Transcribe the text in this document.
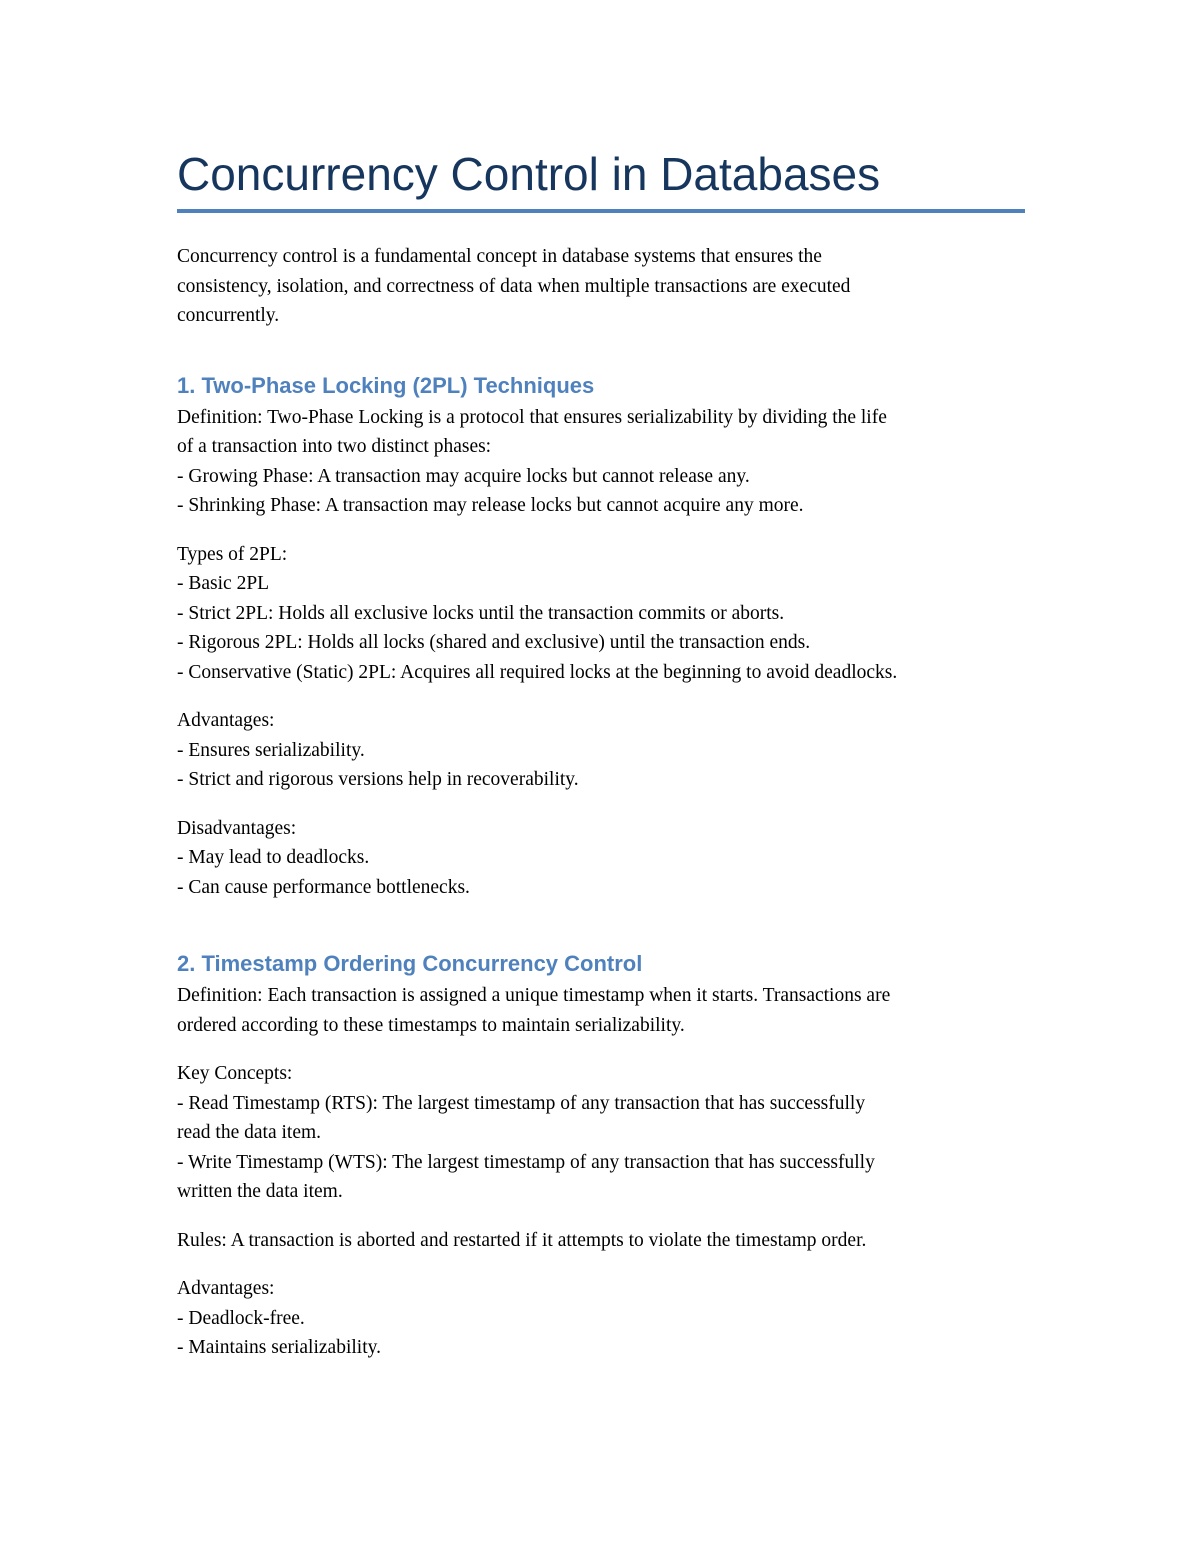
Concurrency Control in Databases

Concurrency control is a fundamental concept in database systems that ensures the
consistency, isolation, and correctness of data when multiple transactions are executed
concurrently.

1. Two-Phase Locking (2PL) Techniques

Definition: Two-Phase Locking is a protocol that ensures serializability by dividing the life
of a transaction into two distinct phases:
- Growing Phase: A transaction may acquire locks but cannot release any.
- Shrinking Phase: A transaction may release locks but cannot acquire any more.

Types of 2PL:
- Basic 2PL
- Strict 2PL: Holds all exclusive locks until the transaction commits or aborts.
- Rigorous 2PL: Holds all locks (shared and exclusive) until the transaction ends.
- Conservative (Static) 2PL: Acquires all required locks at the beginning to avoid deadlocks.

Advantages:
- Ensures serializability.
- Strict and rigorous versions help in recoverability.

Disadvantages:
- May lead to deadlocks.
- Can cause performance bottlenecks.

2. Timestamp Ordering Concurrency Control

Definition: Each transaction is assigned a unique timestamp when it starts. Transactions are
ordered according to these timestamps to maintain serializability.

Key Concepts:
- Read Timestamp (RTS): The largest timestamp of any transaction that has successfully
read the data item.
- Write Timestamp (WTS): The largest timestamp of any transaction that has successfully
written the data item.

Rules: A transaction is aborted and restarted if it attempts to violate the timestamp order.

Advantages:
- Deadlock-free.
- Maintains serializability.
